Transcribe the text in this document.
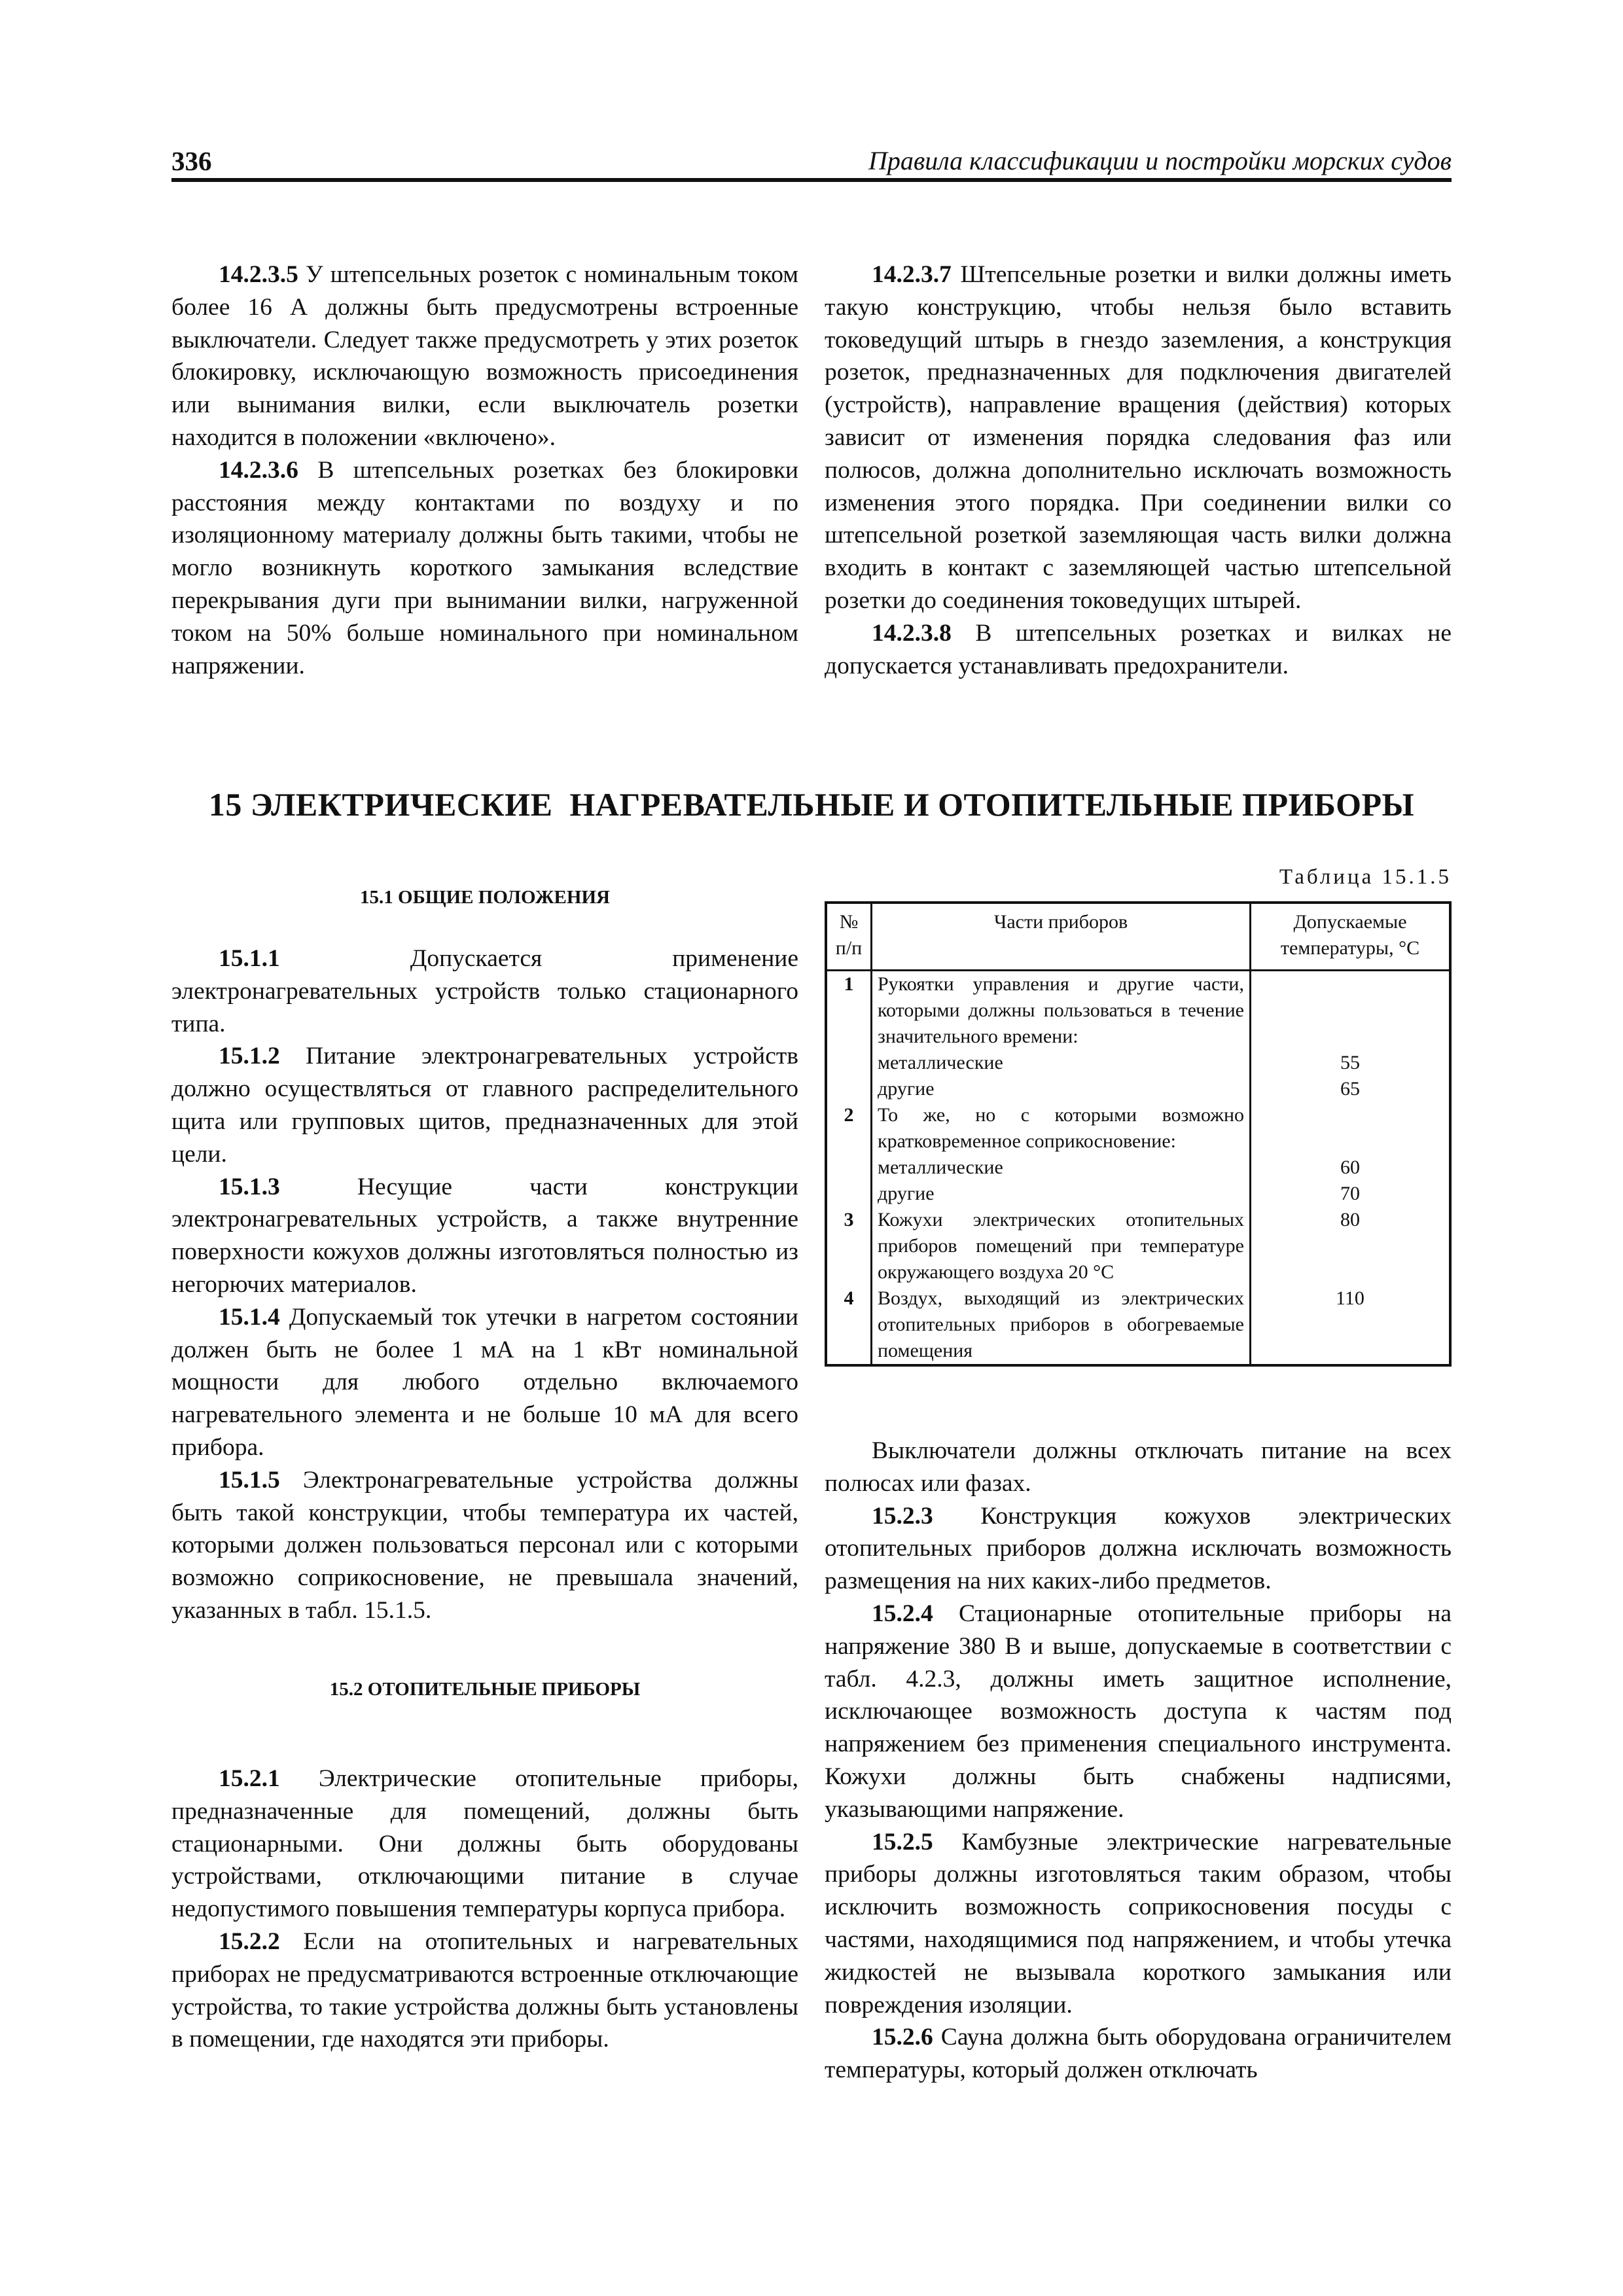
336	Правила классификации и постройки морских судов

14.2.3.5 У штепсельных розеток с номинальным током более 16 А должны быть предусмотрены встроенные выключатели. Следует также предусмотреть у этих розеток блокировку, исключающую возможность присоединения или вынимания вилки, если выключатель розетки находится в положении «включено».

14.2.3.6 В штепсельных розетках без блокировки расстояния между контактами по воздуху и по изоляционному материалу должны быть такими, чтобы не могло возникнуть короткого замыкания вследствие перекрывания дуги при вынимании вилки, нагруженной током на 50% больше номинального при номинальном напряжении.

14.2.3.7 Штепсельные розетки и вилки должны иметь такую конструкцию, чтобы нельзя было вставить токоведущий штырь в гнездо заземления, а конструкция розеток, предназначенных для подключения двигателей (устройств), направление вращения (действия) которых зависит от изменения порядка следования фаз или полюсов, должна дополнительно исключать возможность изменения этого порядка. При соединении вилки со штепсельной розеткой заземляющая часть вилки должна входить в контакт с заземляющей частью штепсельной розетки до соединения токоведущих штырей.

14.2.3.8 В штепсельных розетках и вилках не допускается устанавливать предохранители.

15 ЭЛЕКТРИЧЕСКИЕ  НАГРЕВАТЕЛЬНЫЕ И ОТОПИТЕЛЬНЫЕ ПРИБОРЫ
15.1 ОБЩИЕ ПОЛОЖЕНИЯ

15.1.1 Допускается применение электронагревательных устройств только стационарного типа.

15.1.2 Питание электронагревательных устройств должно осуществляться от главного распределительного щита или групповых щитов, предназначенных для этой цели.

15.1.3 Несущие части конструкции электронагревательных устройств, а также внутренние поверхности кожухов должны изготовляться полностью из негорючих материалов.

15.1.4 Допускаемый ток утечки в нагретом состоянии должен быть не более 1 мА на 1 кВт номинальной мощности для любого отдельно включаемого нагревательного элемента и не больше 10 мА для всего прибора.

15.1.5 Электронагревательные устройства должны быть такой конструкции, чтобы температура их частей, которыми должен пользоваться персонал или с которыми возможно соприкосновение, не превышала значений, указанных в табл. 15.1.5.

Таблица 15.1.5
№ п/п	Части приборов	Допускаемые температуры, °С
1	Рукоятки управления и другие части, которыми должны пользоваться в течение значительного времени:	
	металлические	55
	другие	65
2	То же, но с которыми возможно кратковременное соприкосновение:	
	металлические	60
	другие	70
3	Кожухи электрических отопительных приборов помещений при температуре окружающего воздуха 20 °С	80
4	Воздух, выходящий из электрических отопительных приборов в обогреваемые помещения	110
15.2 ОТОПИТЕЛЬНЫЕ ПРИБОРЫ

15.2.1 Электрические отопительные приборы, предназначенные для помещений, должны быть стационарными. Они должны быть оборудованы устройствами, отключающими питание в случае недопустимого повышения температуры корпуса прибора.

15.2.2 Если на отопительных и нагревательных приборах не предусматриваются встроенные отключающие устройства, то такие устройства должны быть установлены в помещении, где находятся эти приборы.

Выключатели должны отключать питание на всех полюсах или фазах.

15.2.3 Конструкция кожухов электрических отопительных приборов должна исключать возможность размещения на них каких-либо предметов.

15.2.4 Стационарные отопительные приборы на напряжение 380 В и выше, допускаемые в соответствии с табл. 4.2.3, должны иметь защитное исполнение, исключающее возможность доступа к частям под напряжением без применения специального инструмента. Кожухи должны быть снабжены надписями, указывающими напряжение.

15.2.5 Камбузные электрические нагревательные приборы должны изготовляться таким образом, чтобы исключить возможность соприкосновения посуды с частями, находящимися под напряжением, и чтобы утечка жидкостей не вызывала короткого замыкания или повреждения изоляции.

15.2.6 Сауна должна быть оборудована ограничителем температуры, который должен отключать
